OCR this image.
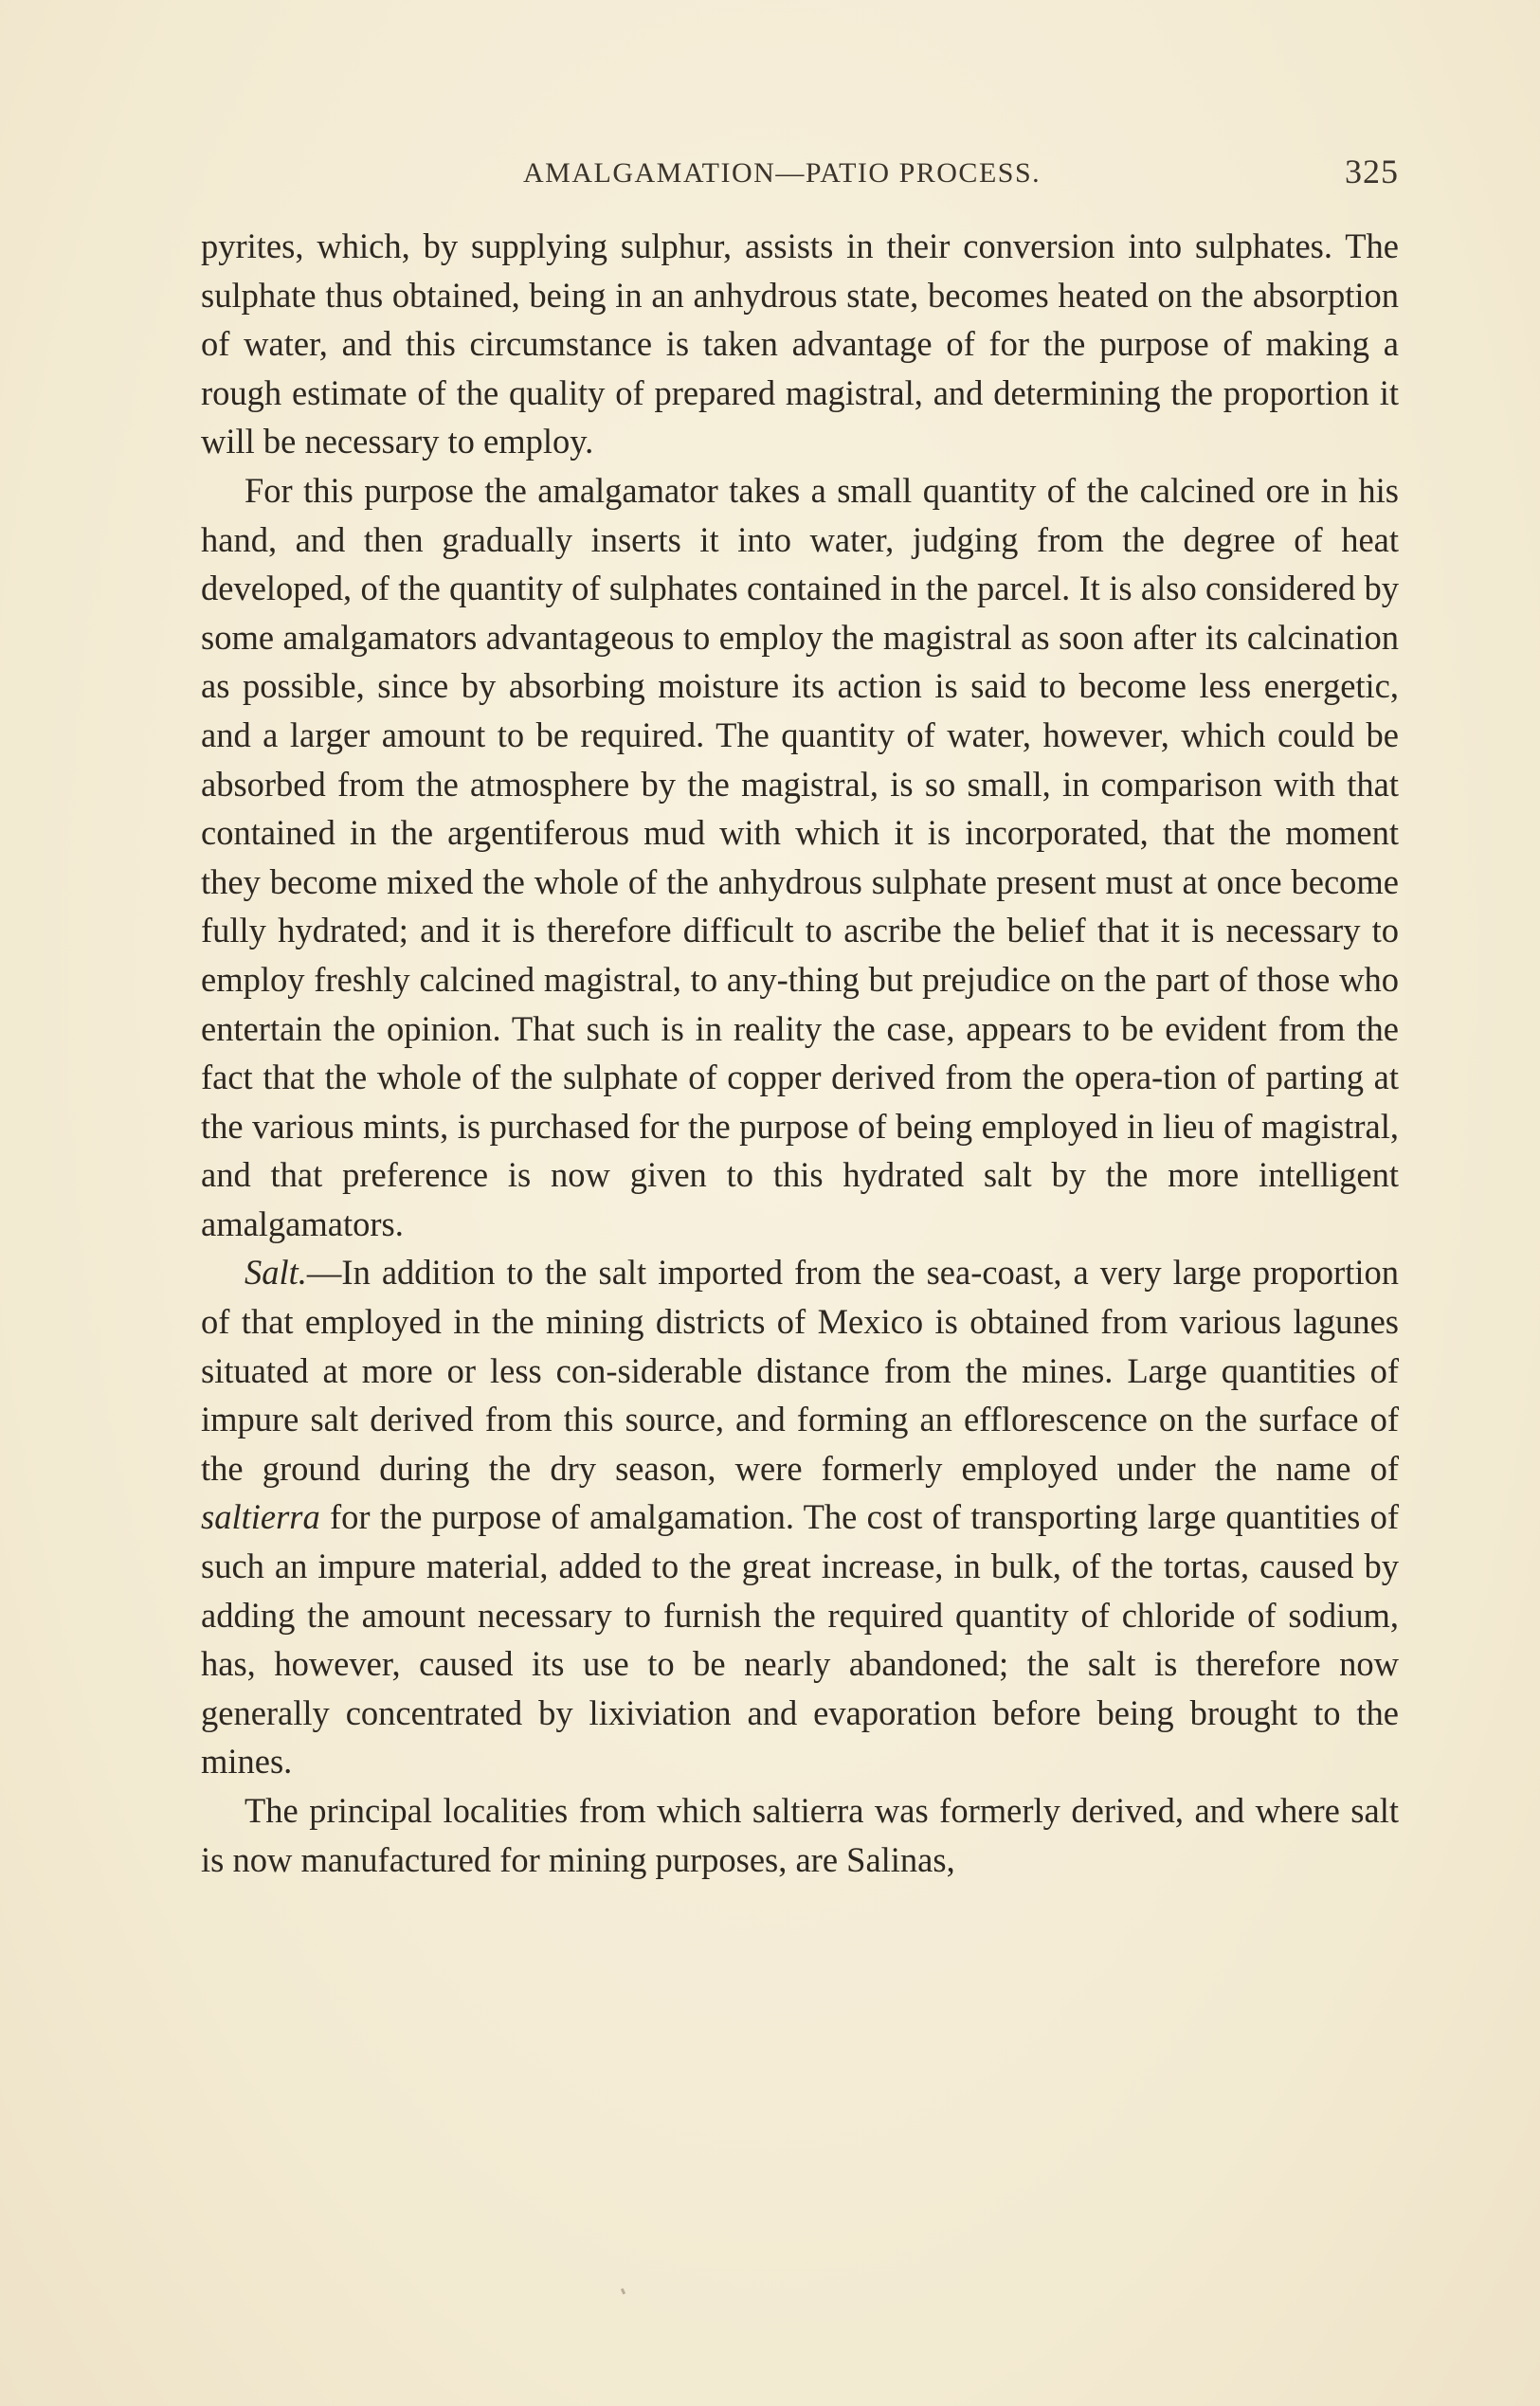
AMALGAMATION—PATIO PROCESS.	325

pyrites, which, by supplying sulphur, assists in their conversion into sulphates. The sulphate thus obtained, being in an anhydrous state, becomes heated on the absorption of water, and this circumstance is taken advantage of for the purpose of making a rough estimate of the quality of prepared magistral, and determining the proportion it will be necessary to employ.

For this purpose the amalgamator takes a small quantity of the calcined ore in his hand, and then gradually inserts it into water, judging from the degree of heat developed, of the quantity of sulphates contained in the parcel. It is also considered by some amalgamators advantageous to employ the magistral as soon after its calcination as possible, since by absorbing moisture its action is said to become less energetic, and a larger amount to be required. The quantity of water, however, which could be absorbed from the atmosphere by the magistral, is so small, in comparison with that contained in the argentiferous mud with which it is incorporated, that the moment they become mixed the whole of the anhydrous sulphate present must at once become fully hydrated; and it is therefore difficult to ascribe the belief that it is necessary to employ freshly calcined magistral, to any-thing but prejudice on the part of those who entertain the opinion. That such is in reality the case, appears to be evident from the fact that the whole of the sulphate of copper derived from the opera-tion of parting at the various mints, is purchased for the purpose of being employed in lieu of magistral, and that preference is now given to this hydrated salt by the more intelligent amalgamators.

Salt.—In addition to the salt imported from the sea-coast, a very large proportion of that employed in the mining districts of Mexico is obtained from various lagunes situated at more or less con-siderable distance from the mines. Large quantities of impure salt derived from this source, and forming an efflorescence on the surface of the ground during the dry season, were formerly employed under the name of saltierra for the purpose of amalgamation. The cost of transporting large quantities of such an impure material, added to the great increase, in bulk, of the tortas, caused by adding the amount necessary to furnish the required quantity of chloride of sodium, has, however, caused its use to be nearly abandoned; the salt is therefore now generally concentrated by lixiviation and evaporation before being brought to the mines.

The principal localities from which saltierra was formerly derived, and where salt is now manufactured for mining purposes, are Salinas,
